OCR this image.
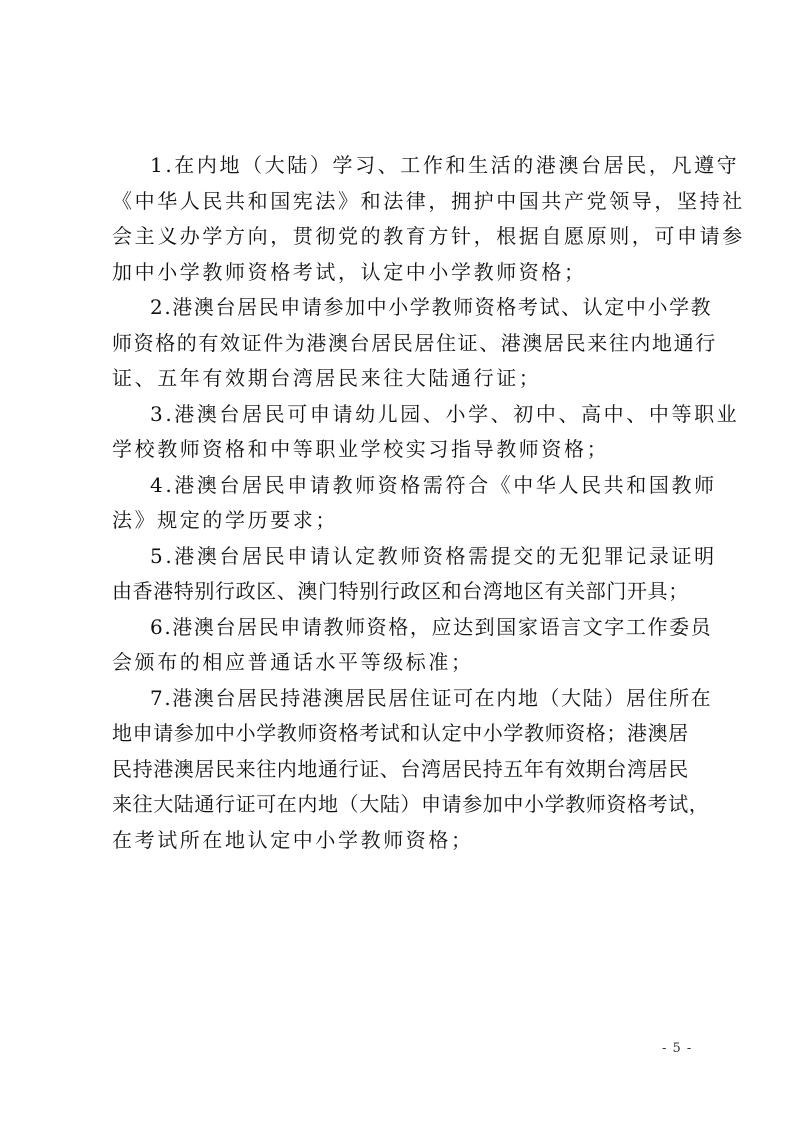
1.在内地（大陆）学习、工作和生活的港澳台居民，凡遵守
《中华人民共和国宪法》和法律，拥护中国共产党领导，坚持社
会主义办学方向，贯彻党的教育方针，根据自愿原则，可申请参
加中小学教师资格考试，认定中小学教师资格；

2.港澳台居民申请参加中小学教师资格考试、认定中小学教
师资格的有效证件为港澳台居民居住证、港澳居民来往内地通行
证、五年有效期台湾居民来往大陆通行证；

3.港澳台居民可申请幼儿园、小学、初中、高中、中等职业
学校教师资格和中等职业学校实习指导教师资格；

4.港澳台居民申请教师资格需符合《中华人民共和国教师
法》规定的学历要求；

5.港澳台居民申请认定教师资格需提交的无犯罪记录证明
由香港特别行政区、澳门特别行政区和台湾地区有关部门开具；

6.港澳台居民申请教师资格，应达到国家语言文字工作委员
会颁布的相应普通话水平等级标准；

7.港澳台居民持港澳居民居住证可在内地（大陆）居住所在
地申请参加中小学教师资格考试和认定中小学教师资格；港澳居
民持港澳居民来往内地通行证、台湾居民持五年有效期台湾居民
来往大陆通行证可在内地（大陆）申请参加中小学教师资格考试，
在考试所在地认定中小学教师资格；

- 5 -
